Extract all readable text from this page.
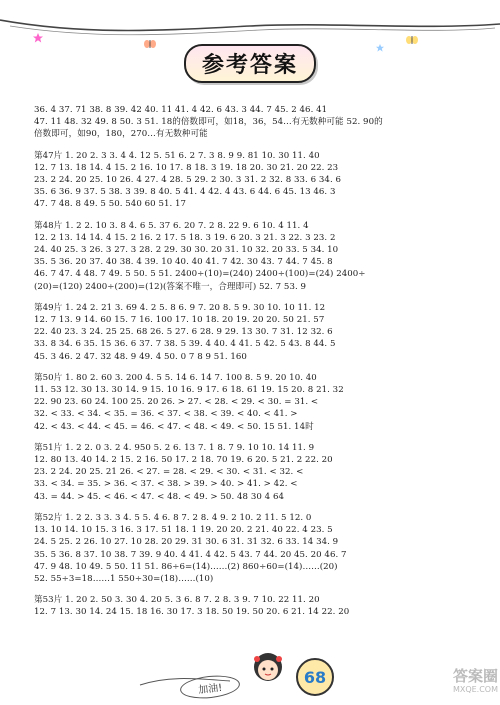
参考答案
36. 4 37. 71 38. 8 39. 42 40. 11 41. 4 42. 6 43. 3 44. 7 45. 2 46. 41
47. 11 48. 32 49. 8 50. 3 51. 18的倍数即可，如18，36，54…有无数种可能 52. 90的
倍数即可，如90，180，270…有无数种可能
第47片 1. 20 2. 3 3. 4 4. 12 5. 51 6. 2 7. 3 8. 9 9. 81 10. 30 11. 40
12. 7 13. 18 14. 4 15. 2 16. 10 17. 8 18. 3 19. 18 20. 30 21. 20 22. 23
23. 2 24. 20 25. 10 26. 4 27. 4 28. 5 29. 2 30. 3 31. 2 32. 8 33. 6 34. 6
35. 6 36. 9 37. 5 38. 3 39. 8 40. 5 41. 4 42. 4 43. 6 44. 6 45. 13 46. 3
47. 7 48. 8 49. 5 50. 540 60 51. 17
第48片 1. 2 2. 10 3. 8 4. 6 5. 37 6. 20 7. 2 8. 22 9. 6 10. 4 11. 4
12. 2 13. 14 14. 4 15. 2 16. 2 17. 5 18. 3 19. 6 20. 3 21. 3 22. 3 23. 2
24. 40 25. 3 26. 3 27. 3 28. 2 29. 30 30. 20 31. 10 32. 20 33. 5 34. 10
35. 5 36. 20 37. 40 38. 4 39. 10 40. 40 41. 7 42. 30 43. 7 44. 7 45. 8
46. 7 47. 4 48. 7 49. 5 50. 5 51. 2400÷(10)=(240) 2400÷(100)=(24) 2400÷
(20)=(120) 2400÷(200)=(12)(答案不唯一，合理即可) 52. 7 53. 9
第49片 1. 24 2. 21 3. 69 4. 2 5. 8 6. 9 7. 20 8. 5 9. 30 10. 10 11. 12
12. 7 13. 9 14. 60 15. 7 16. 100 17. 10 18. 20 19. 20 20. 50 21. 57
22. 40 23. 3 24. 25 25. 68 26. 5 27. 6 28. 9 29. 13 30. 7 31. 12 32. 6
33. 8 34. 6 35. 15 36. 6 37. 7 38. 5 39. 4 40. 4 41. 5 42. 5 43. 8 44. 5
45. 3 46. 2 47. 32 48. 9 49. 4 50. 0 7 8 9 51. 160
第50片 1. 80 2. 60 3. 200 4. 5 5. 14 6. 14 7. 100 8. 5 9. 20 10. 40
11. 53 12. 30 13. 30 14. 9 15. 10 16. 9 17. 6 18. 61 19. 15 20. 8 21. 32
22. 90 23. 60 24. 100 25. 20 26. > 27. < 28. < 29. < 30. = 31. <
32. < 33. < 34. < 35. = 36. < 37. < 38. < 39. < 40. < 41. >
42. < 43. < 44. < 45. = 46. < 47. < 48. < 49. < 50. 15 51. 14时
第51片 1. 2 2. 0 3. 2 4. 950 5. 2 6. 13 7. 1 8. 7 9. 10 10. 14 11. 9
12. 80 13. 40 14. 2 15. 2 16. 50 17. 2 18. 70 19. 6 20. 5 21. 2 22. 20
23. 2 24. 20 25. 21 26. < 27. = 28. < 29. < 30. < 31. < 32. <
33. < 34. = 35. > 36. < 37. < 38. > 39. > 40. > 41. > 42. <
43. = 44. > 45. < 46. < 47. < 48. < 49. > 50. 48 30 4 64
第52片 1. 2 2. 3 3. 3 4. 5 5. 4 6. 8 7. 2 8. 4 9. 2 10. 2 11. 5 12. 0
13. 10 14. 10 15. 3 16. 3 17. 51 18. 1 19. 20 20. 2 21. 40 22. 4 23. 5
24. 5 25. 2 26. 10 27. 10 28. 20 29. 31 30. 6 31. 31 32. 6 33. 14 34. 9
35. 5 36. 8 37. 10 38. 7 39. 9 40. 4 41. 4 42. 5 43. 7 44. 20 45. 20 46. 7
47. 9 48. 10 49. 5 50. 11 51. 86÷6=(14)……(2) 860÷60=(14)……(20)
52. 55÷3=18……1 550÷30=(18)……(10)
第53片 1. 20 2. 50 3. 30 4. 20 5. 3 6. 8 7. 2 8. 3 9. 7 10. 22 11. 20
12. 7 13. 30 14. 24 15. 18 16. 30 17. 3 18. 50 19. 50 20. 6 21. 14 22. 20
加油!
68	答案圈
MXQE.COM
